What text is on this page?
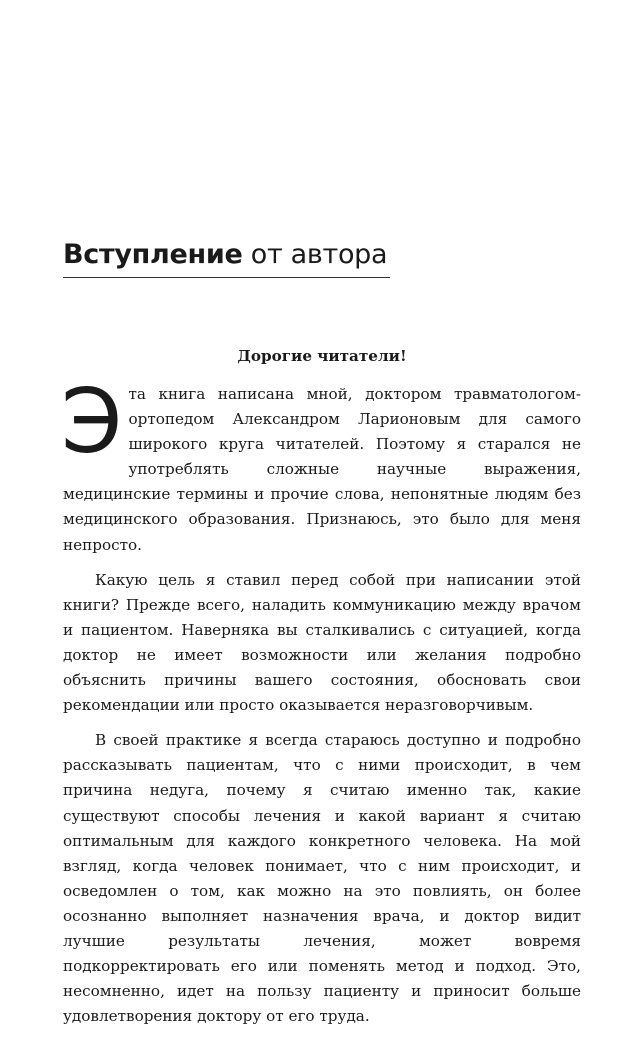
Вступление от автора

Дорогие читатели!

Эта книга написана мной, доктором травматологом-ортопедом Александром Ларионовым для самого широкого круга читателей. Поэтому я старался не употреблять сложные научные выражения, медицинские термины и прочие слова, непонятные людям без медицинского образования. Признаюсь, это было для меня непросто.

Какую цель я ставил перед собой при написании этой книги? Прежде всего, наладить коммуникацию между врачом и пациентом. Наверняка вы сталкивались с ситуацией, когда доктор не имеет возможности или желания подробно объяснить причины вашего состояния, обосновать свои рекомендации или просто оказывается неразговорчивым.

В своей практике я всегда стараюсь доступно и подробно рассказывать пациентам, что с ними происходит, в чем причина недуга, почему я считаю именно так, какие существуют способы лечения и какой вариант я считаю оптимальным для каждого конкретного человека. На мой взгляд, когда человек понимает, что с ним происходит, и осведомлен о том, как можно на это повлиять, он более осознанно выполняет назначения врача, и доктор видит лучшие результаты лечения, может вовремя подкорректировать его или поменять метод и подход. Это, несомненно, идет на пользу пациенту и приносит больше удовлетворения доктору от его труда.
